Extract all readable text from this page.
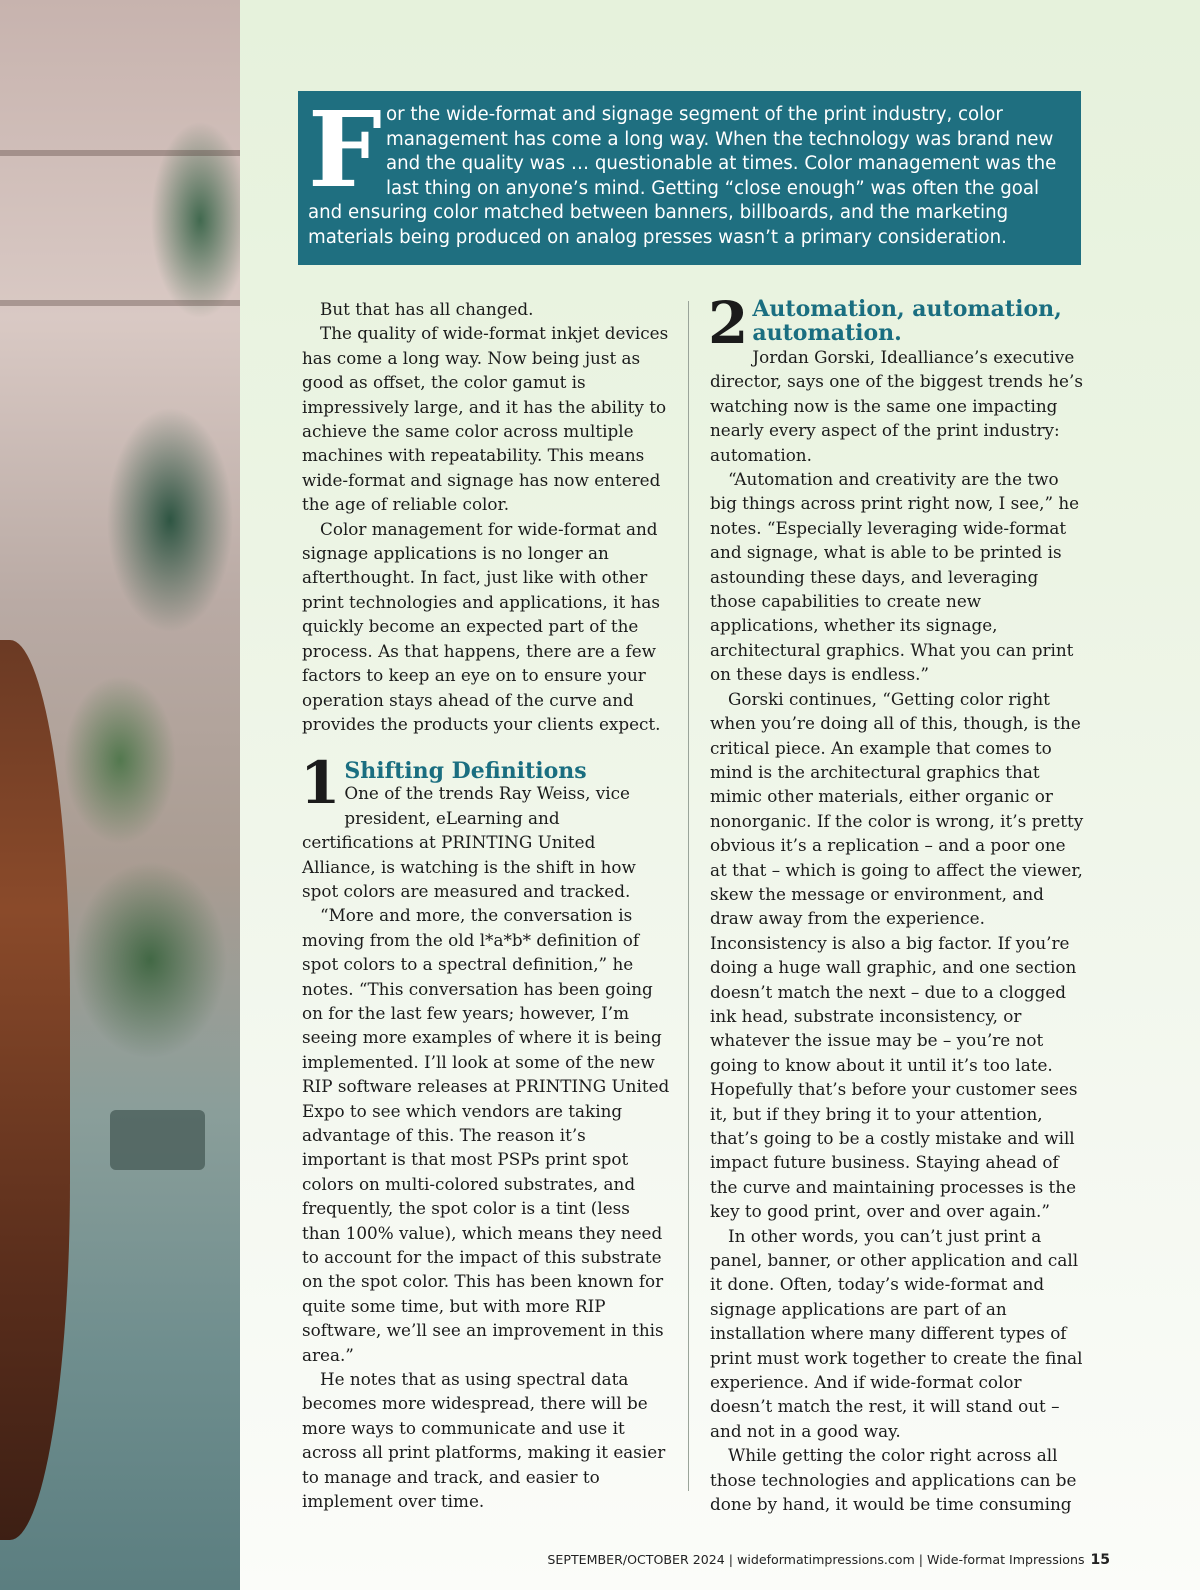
F or the wide-format and signage segment of the print industry, color management has come a long way. When the technology was brand new and the quality was … questionable at times. Color management was the last thing on anyone’s mind. Getting “close enough” was often the goal and ensuring color matched between banners, billboards, and the marketing materials being produced on analog presses wasn’t a primary consideration.

But that has all changed.

The quality of wide-format inkjet devices has come a long way. Now being just as good as offset, the color gamut is impressively large, and it has the ability to achieve the same color across multiple machines with repeatability. This means wide-format and signage has now entered the age of reliable color.

Color management for wide-format and signage applications is no longer an afterthought. In fact, just like with other print technologies and applications, it has quickly become an expected part of the process. As that happens, there are a few factors to keep an eye on to ensure your operation stays ahead of the curve and provides the products your clients expect.

1 Shifting Definitions

One of the trends Ray Weiss, vice president, eLearning and certifications at PRINTING United Alliance, is watching is the shift in how spot colors are measured and tracked.

“More and more, the conversation is moving from the old l*a*b* definition of spot colors to a spectral definition,” he notes. “This conversation has been going on for the last few years; however, I’m seeing more examples of where it is being implemented. I’ll look at some of the new RIP software releases at PRINTING United Expo to see which vendors are taking advantage of this. The reason it’s important is that most PSPs print spot colors on multi-colored substrates, and frequently, the spot color is a tint (less than 100% value), which means they need to account for the impact of this substrate on the spot color. This has been known for quite some time, but with more RIP software, we’ll see an improvement in this area.”

He notes that as using spectral data becomes more widespread, there will be more ways to communicate and use it across all print platforms, making it easier to manage and track, and easier to implement over time.

2 Automation, automation, automation.

Jordan Gorski, Idealliance’s executive director, says one of the biggest trends he’s watching now is the same one impacting nearly every aspect of the print industry: automation.

“Automation and creativity are the two big things across print right now, I see,” he notes. “Especially leveraging wide-format and signage, what is able to be printed is astounding these days, and leveraging those capabilities to create new applications, whether its signage, architectural graphics. What you can print on these days is endless.”

Gorski continues, “Getting color right when you’re doing all of this, though, is the critical piece. An example that comes to mind is the architectural graphics that mimic other materials, either organic or nonorganic. If the color is wrong, it’s pretty obvious it’s a replication – and a poor one at that – which is going to affect the viewer, skew the message or environment, and draw away from the experience. Inconsistency is also a big factor. If you’re doing a huge wall graphic, and one section doesn’t match the next – due to a clogged ink head, substrate inconsistency, or whatever the issue may be – you’re not going to know about it until it’s too late. Hopefully that’s before your customer sees it, but if they bring it to your attention, that’s going to be a costly mistake and will impact future business. Staying ahead of the curve and maintaining processes is the key to good print, over and over again.”

In other words, you can’t just print a panel, banner, or other application and call it done. Often, today’s wide-format and signage applications are part of an installation where many different types of print must work together to create the final experience. And if wide-format color doesn’t match the rest, it will stand out – and not in a good way.

While getting the color right across all those technologies and applications can be done by hand, it would be time consuming

SEPTEMBER/OCTOBER 2024 | wideformatimpressions.com | Wide-format Impressions 15
